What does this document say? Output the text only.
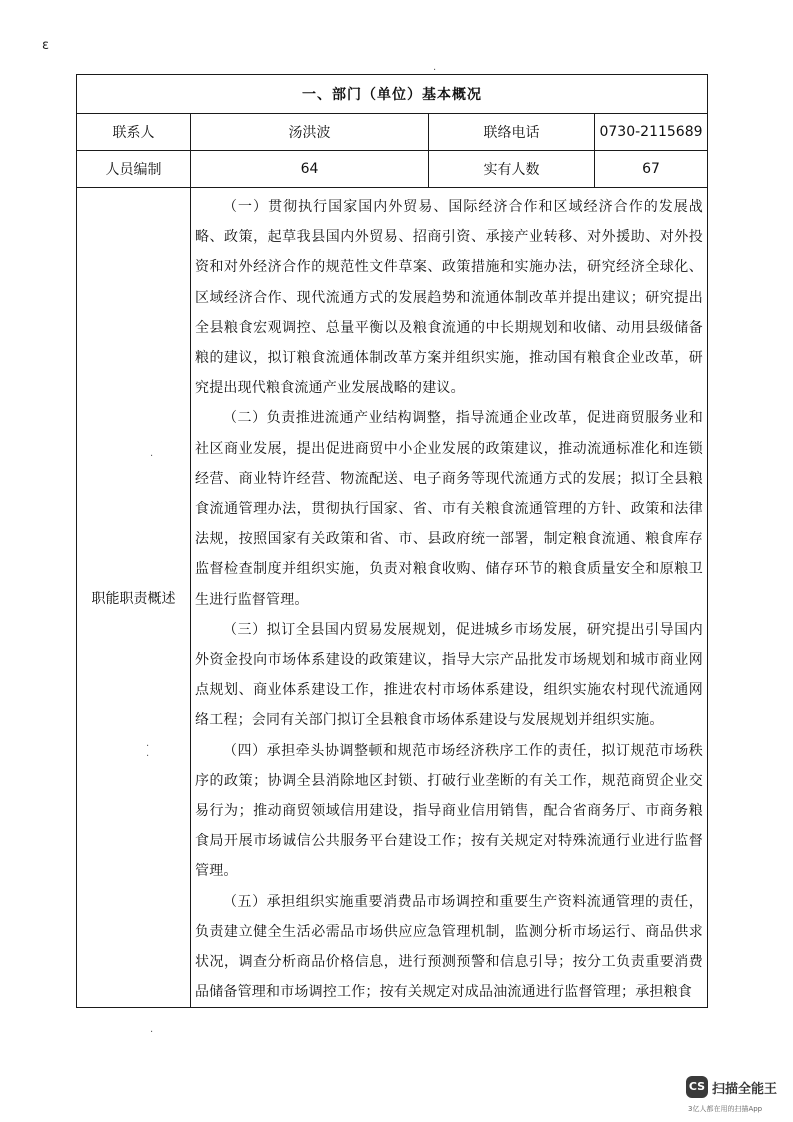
ε
·
·
·
·
·
一、部门（单位）基本概况			
联系人	汤洪波	联络电话	0730-2115689
人员编制	64	实有人数	67
职能职责概述	（一）贯彻执行国家国内外贸易、国际经济合作和区域经济合作的发展战略、政策，起草我县国内外贸易、招商引资、承接产业转移、对外援助、对外投资和对外经济合作的规范性文件草案、政策措施和实施办法，研究经济全球化、区域经济合作、现代流通方式的发展趋势和流通体制改革并提出建议；研究提出全县粮食宏观调控、总量平衡以及粮食流通的中长期规划和收储、动用县级储备粮的建议，拟订粮食流通体制改革方案并组织实施，推动国有粮食企业改革，研究提出现代粮食流通产业发展战略的建议。

（二）负责推进流通产业结构调整，指导流通企业改革，促进商贸服务业和社区商业发展，提出促进商贸中小企业发展的政策建议，推动流通标准化和连锁经营、商业特许经营、物流配送、电子商务等现代流通方式的发展；拟订全县粮食流通管理办法，贯彻执行国家、省、市有关粮食流通管理的方针、政策和法律法规，按照国家有关政策和省、市、县政府统一部署，制定粮食流通、粮食库存监督检查制度并组织实施，负责对粮食收购、储存环节的粮食质量安全和原粮卫生进行监督管理。

（三）拟订全县国内贸易发展规划，促进城乡市场发展，研究提出引导国内外资金投向市场体系建设的政策建议，指导大宗产品批发市场规划和城市商业网点规划、商业体系建设工作，推进农村市场体系建设，组织实施农村现代流通网络工程；会同有关部门拟订全县粮食市场体系建设与发展规划并组织实施。

（四）承担牵头协调整顿和规范市场经济秩序工作的责任，拟订规范市场秩序的政策；协调全县消除地区封锁、打破行业垄断的有关工作，规范商贸企业交易行为；推动商贸领域信用建设，指导商业信用销售，配合省商务厅、市商务粮食局开展市场诚信公共服务平台建设工作；按有关规定对特殊流通行业进行监督管理。

（五）承担组织实施重要消费品市场调控和重要生产资料流通管理的责任，负责建立健全生活必需品市场供应应急管理机制，监测分析市场运行、商品供求状况，调查分析商品价格信息，进行预测预警和信息引导；按分工负责重要消费品储备管理和市场调控工作；按有关规定对成品油流通进行监督管理；承担粮食		

CS 扫描全能王
3亿人都在用的扫描App
